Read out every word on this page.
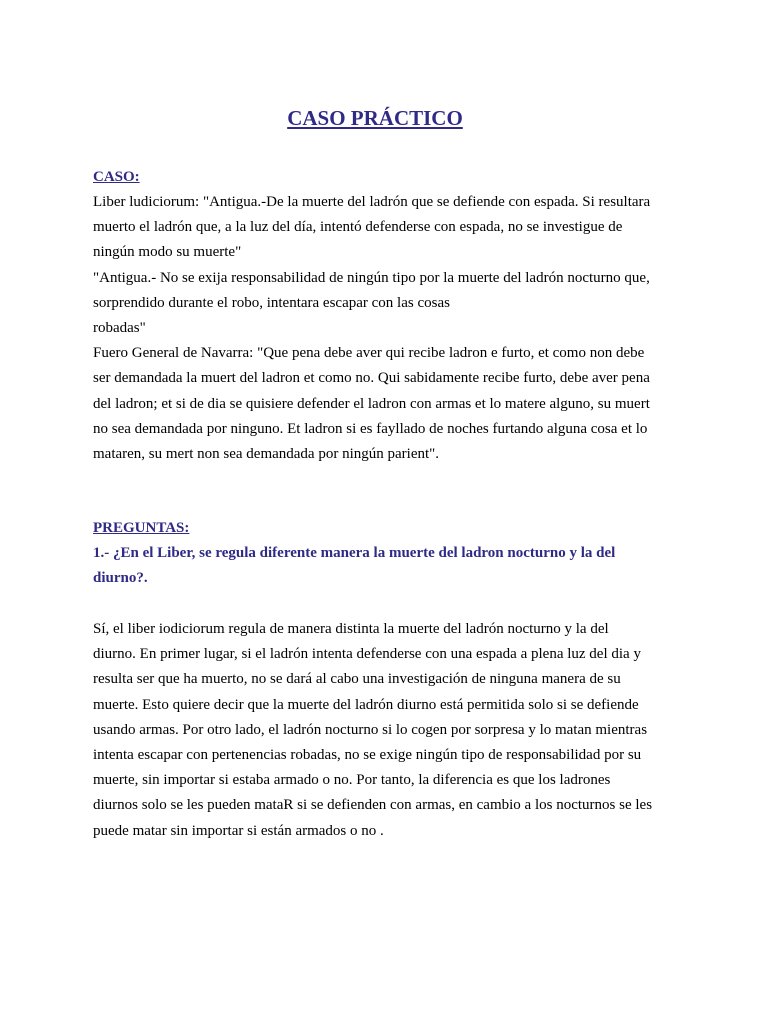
CASO PRÁCTICO

CASO:

Liber ludiciorum: "Antigua.-De la muerte del ladrón que se defiende con espada. Si resultara
muerto el ladrón que, a la luz del día, intentó defenderse con espada, no se investigue de
ningún modo su muerte"
"Antigua.- No se exija responsabilidad de ningún tipo por la muerte del ladrón nocturno que,
sorprendido durante el robo, intentara escapar con las cosas
robadas"
Fuero General de Navarra: "Que pena debe aver qui recibe ladron e furto, et como non debe
ser demandada la muert del ladron et como no. Qui sabidamente recibe furto, debe aver pena
del ladron; et si de dia se quisiere defender el ladron con armas et lo matere alguno, su muert
no sea demandada por ninguno. Et ladron si es fayllado de noches furtando alguna cosa et lo
mataren, su mert non sea demandada por ningún parient".

PREGUNTAS:

1.- ¿En el Liber, se regula diferente manera la muerte del ladron nocturno y la del
diurno?.

Sí, el liber iodiciorum regula de manera distinta la muerte del ladrón nocturno y la del
diurno. En primer lugar, si el ladrón intenta defenderse con una espada a plena luz del dia y
resulta ser que ha muerto, no se dará al cabo una investigación de ninguna manera de su
muerte. Esto quiere decir que la muerte del ladrón diurno está permitida solo si se defiende
usando armas. Por otro lado, el ladrón nocturno si lo cogen por sorpresa y lo matan mientras
intenta escapar con pertenencias robadas, no se exige ningún tipo de responsabilidad por su
muerte, sin importar si estaba armado o no. Por tanto, la diferencia es que los ladrones
diurnos solo se les pueden mataR si se defienden con armas, en cambio a los nocturnos se les
puede matar sin importar si están armados o no .
